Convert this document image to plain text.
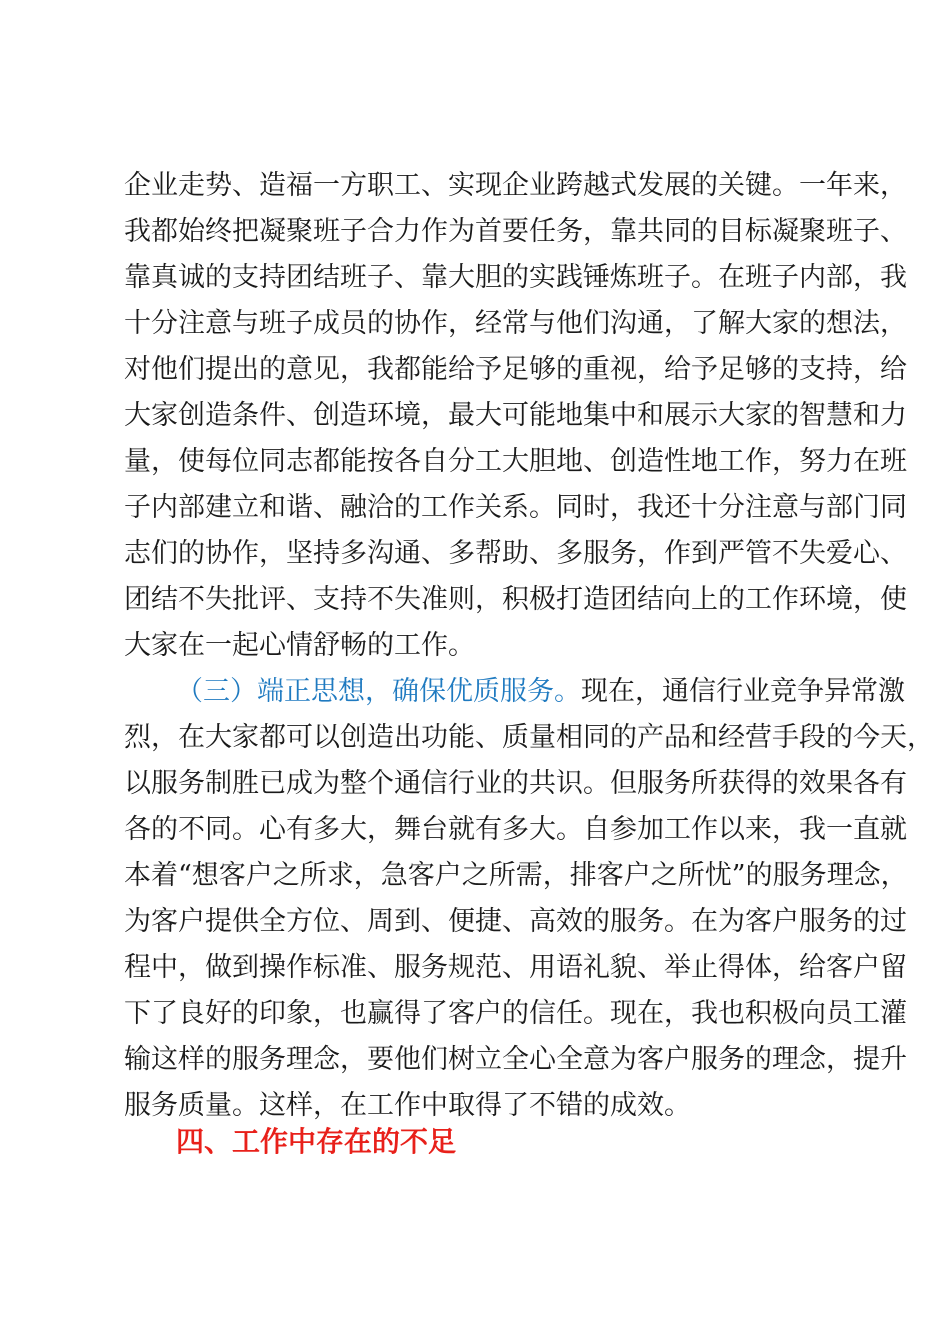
企业走势、造福一方职工、实现企业跨越式发展的关键。一年来，
我都始终把凝聚班子合力作为首要任务，靠共同的目标凝聚班子、
靠真诚的支持团结班子、靠大胆的实践锤炼班子。在班子内部，我
十分注意与班子成员的协作，经常与他们沟通，了解大家的想法，
对他们提出的意见，我都能给予足够的重视，给予足够的支持，给
大家创造条件、创造环境，最大可能地集中和展示大家的智慧和力
量，使每位同志都能按各自分工大胆地、创造性地工作，努力在班
子内部建立和谐、融洽的工作关系。同时，我还十分注意与部门同
志们的协作，坚持多沟通、多帮助、多服务，作到严管不失爱心、
团结不失批评、支持不失准则，积极打造团结向上的工作环境，使
大家在一起心情舒畅的工作。
（三）端正思想，确保优质服务。现在，通信行业竞争异常激
烈，在大家都可以创造出功能、质量相同的产品和经营手段的今天，
以服务制胜已成为整个通信行业的共识。但服务所获得的效果各有
各的不同。心有多大，舞台就有多大。自参加工作以来，我一直就
本着“想客户之所求，急客户之所需，排客户之所忧”的服务理念，
为客户提供全方位、周到、便捷、高效的服务。在为客户服务的过
程中，做到操作标准、服务规范、用语礼貌、举止得体，给客户留
下了良好的印象，也赢得了客户的信任。现在，我也积极向员工灌
输这样的服务理念，要他们树立全心全意为客户服务的理念，提升
服务质量。这样，在工作中取得了不错的成效。
四、工作中存在的不足
